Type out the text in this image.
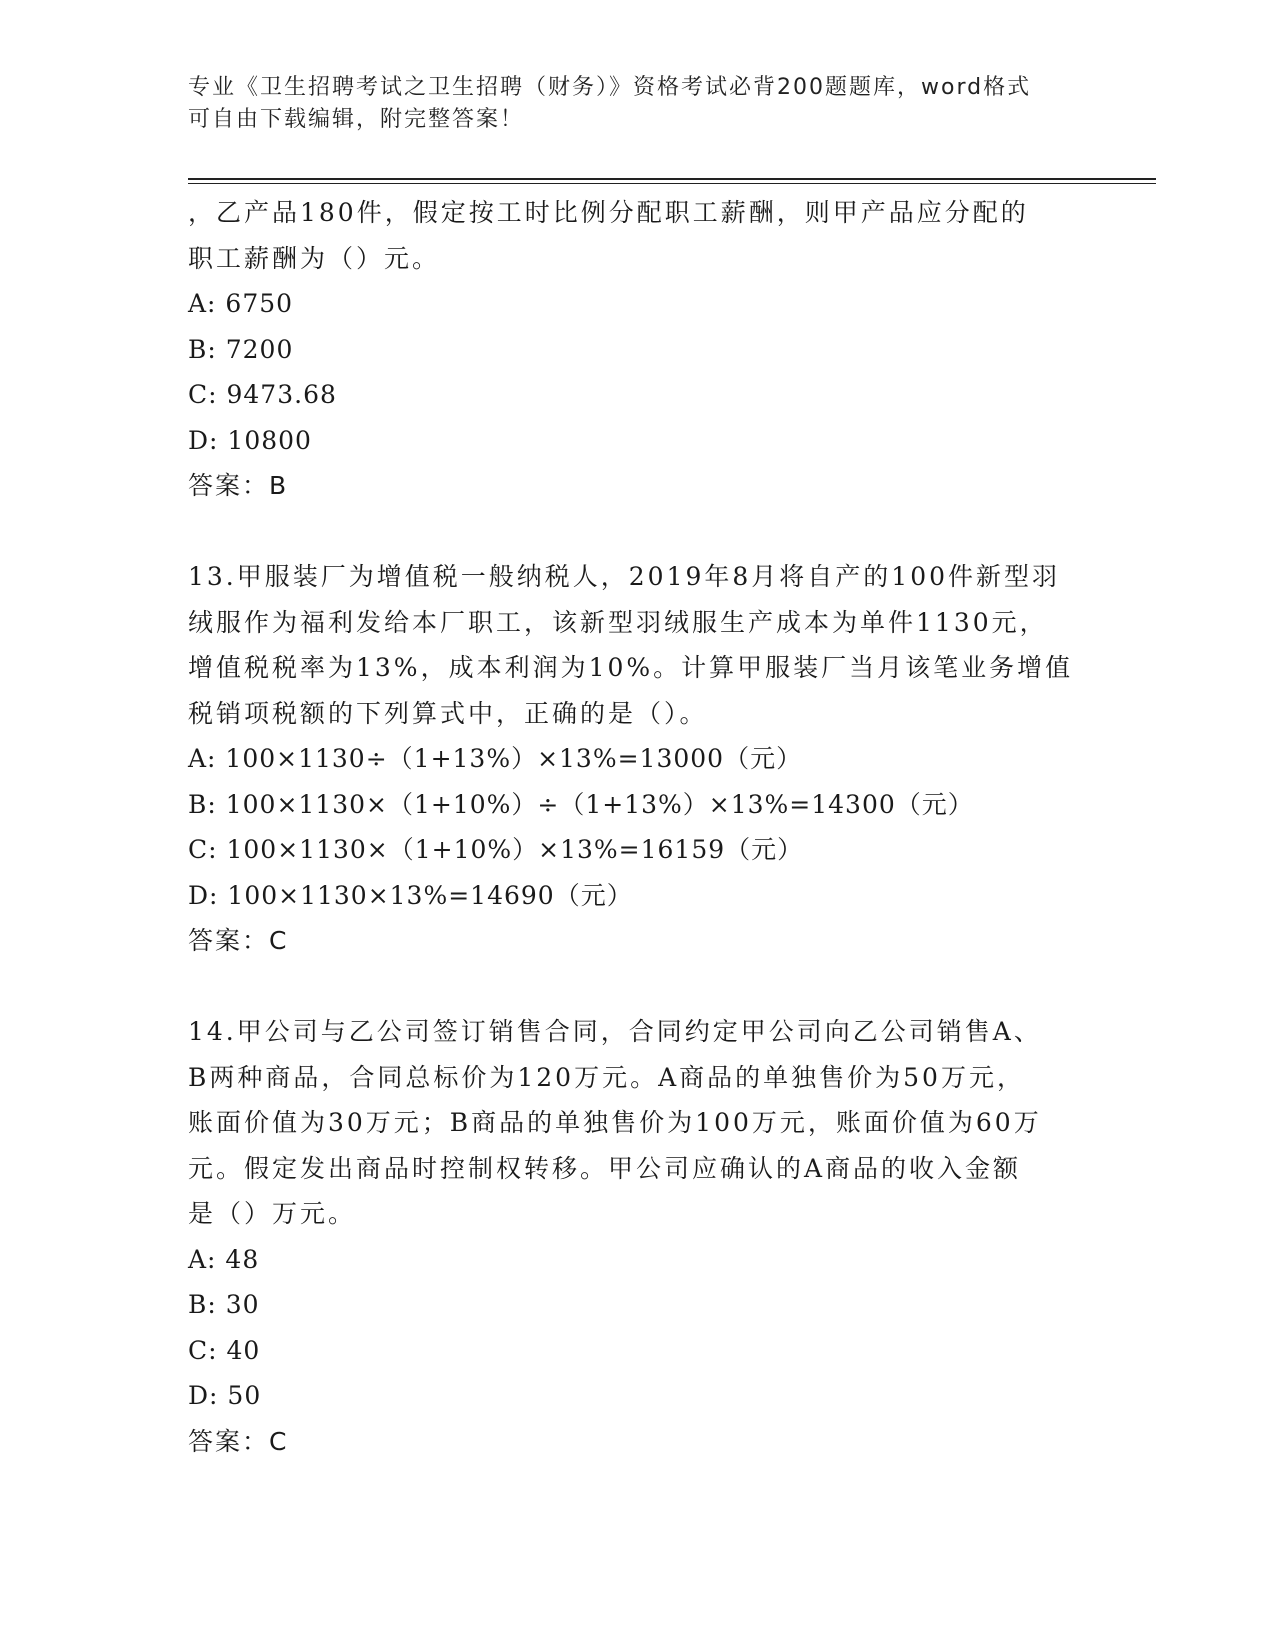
专业《卫生招聘考试之卫生招聘（财务）》资格考试必背200题题库，word格式
可自由下载编辑，附完整答案！
，乙产品180件，假定按工时比例分配职工薪酬，则甲产品应分配的
职工薪酬为（）元。
A: 6750
B: 7200
C: 9473.68
D: 10800
答案：B
13.甲服装厂为增值税一般纳税人，2019年8月将自产的100件新型羽
绒服作为福利发给本厂职工，该新型羽绒服生产成本为单件1130元，
增值税税率为13%，成本利润为10%。计算甲服装厂当月该笔业务增值
税销项税额的下列算式中，正确的是（）。
A: 100×1130÷（1+13%）×13%=13000（元）
B: 100×1130×（1+10%）÷（1+13%）×13%=14300（元）
C: 100×1130×（1+10%）×13%=16159（元）
D: 100×1130×13%=14690（元）
答案：C
14.甲公司与乙公司签订销售合同，合同约定甲公司向乙公司销售A、
B两种商品，合同总标价为120万元。A商品的单独售价为50万元，
账面价值为30万元；B商品的单独售价为100万元，账面价值为60万
元。假定发出商品时控制权转移。甲公司应确认的A商品的收入金额
是（）万元。
A: 48
B: 30
C: 40
D: 50
答案：C
